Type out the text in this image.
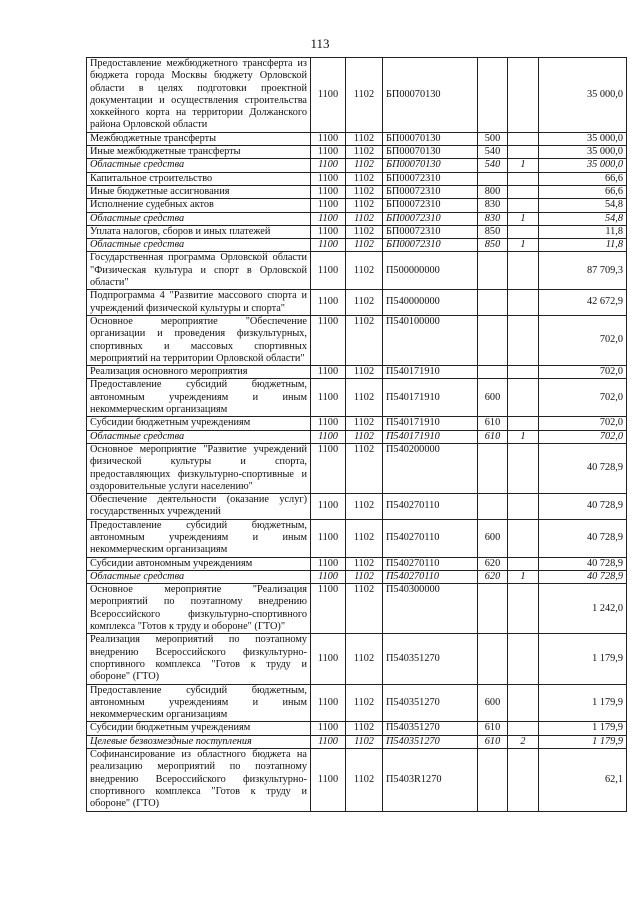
113
Предоставление межбюджетного трансферта из бюджета города Москвы бюджету Орловской области в целях подготовки проектной документации и осуществления строительства хоккейного корта на территории Должанского района Орловской области	1100	1102	БП00070130			35 000,0
Межбюджетные трансферты	1100	1102	БП00070130	500		35 000,0
Иные межбюджетные трансферты	1100	1102	БП00070130	540		35 000,0
Областные средства	1100	1102	БП00070130	540	1	35 000,0
Капитальное строительство	1100	1102	БП00072310			66,6
Иные бюджетные ассигнования	1100	1102	БП00072310	800		66,6
Исполнение судебных актов	1100	1102	БП00072310	830		54,8
Областные средства	1100	1102	БП00072310	830	1	54,8
Уплата налогов, сборов и иных платежей	1100	1102	БП00072310	850		11,8
Областные средства	1100	1102	БП00072310	850	1	11,8
Государственная программа Орловской области "Физическая культура и спорт в Орловской области"	1100	1102	П500000000			87 709,3
Подпрограмма 4 "Развитие массового спорта и учреждений физической культуры и спорта"	1100	1102	П540000000			42 672,9
Основное мероприятие "Обеспечение организации и проведения физкультурных, спортивных и массовых спортивных мероприятий на территории Орловской области"	1100	1102	П540100000			702,0
Реализация основного мероприятия	1100	1102	П540171910			702,0
Предоставление субсидий бюджетным, автономным учреждениям и иным некоммерческим организациям	1100	1102	П540171910	600		702,0
Субсидии бюджетным учреждениям	1100	1102	П540171910	610		702,0
Областные средства	1100	1102	П540171910	610	1	702,0
Основное мероприятие "Развитие учреждений физической культуры и спорта, предоставляющих физкультурно-спортивные и оздоровительные услуги населению"	1100	1102	П540200000			40 728,9
Обеспечение деятельности (оказание услуг) государственных учреждений	1100	1102	П540270110			40 728,9
Предоставление субсидий бюджетным, автономным учреждениям и иным некоммерческим организациям	1100	1102	П540270110	600		40 728,9
Субсидии автономным учреждениям	1100	1102	П540270110	620		40 728,9
Областные средства	1100	1102	П540270110	620	1	40 728,9
Основное мероприятие "Реализация мероприятий по поэтапному внедрению Всероссийского физкультурно-спортивного комплекса "Готов к труду и обороне" (ГТО)"	1100	1102	П540300000			1 242,0
Реализация мероприятий по поэтапному внедрению Всероссийского физкультурно-спортивного комплекса "Готов к труду и обороне" (ГТО)	1100	1102	П540351270			1 179,9
Предоставление субсидий бюджетным, автономным учреждениям и иным некоммерческим организациям	1100	1102	П540351270	600		1 179,9
Субсидии бюджетным учреждениям	1100	1102	П540351270	610		1 179,9
Целевые безвозмездные поступления	1100	1102	П540351270	610	2	1 179,9
Софинансирование из областного бюджета на реализацию мероприятий по поэтапному внедрению Всероссийского физкультурно-спортивного комплекса "Готов к труду и обороне" (ГТО)	1100	1102	П5403R1270			62,1
